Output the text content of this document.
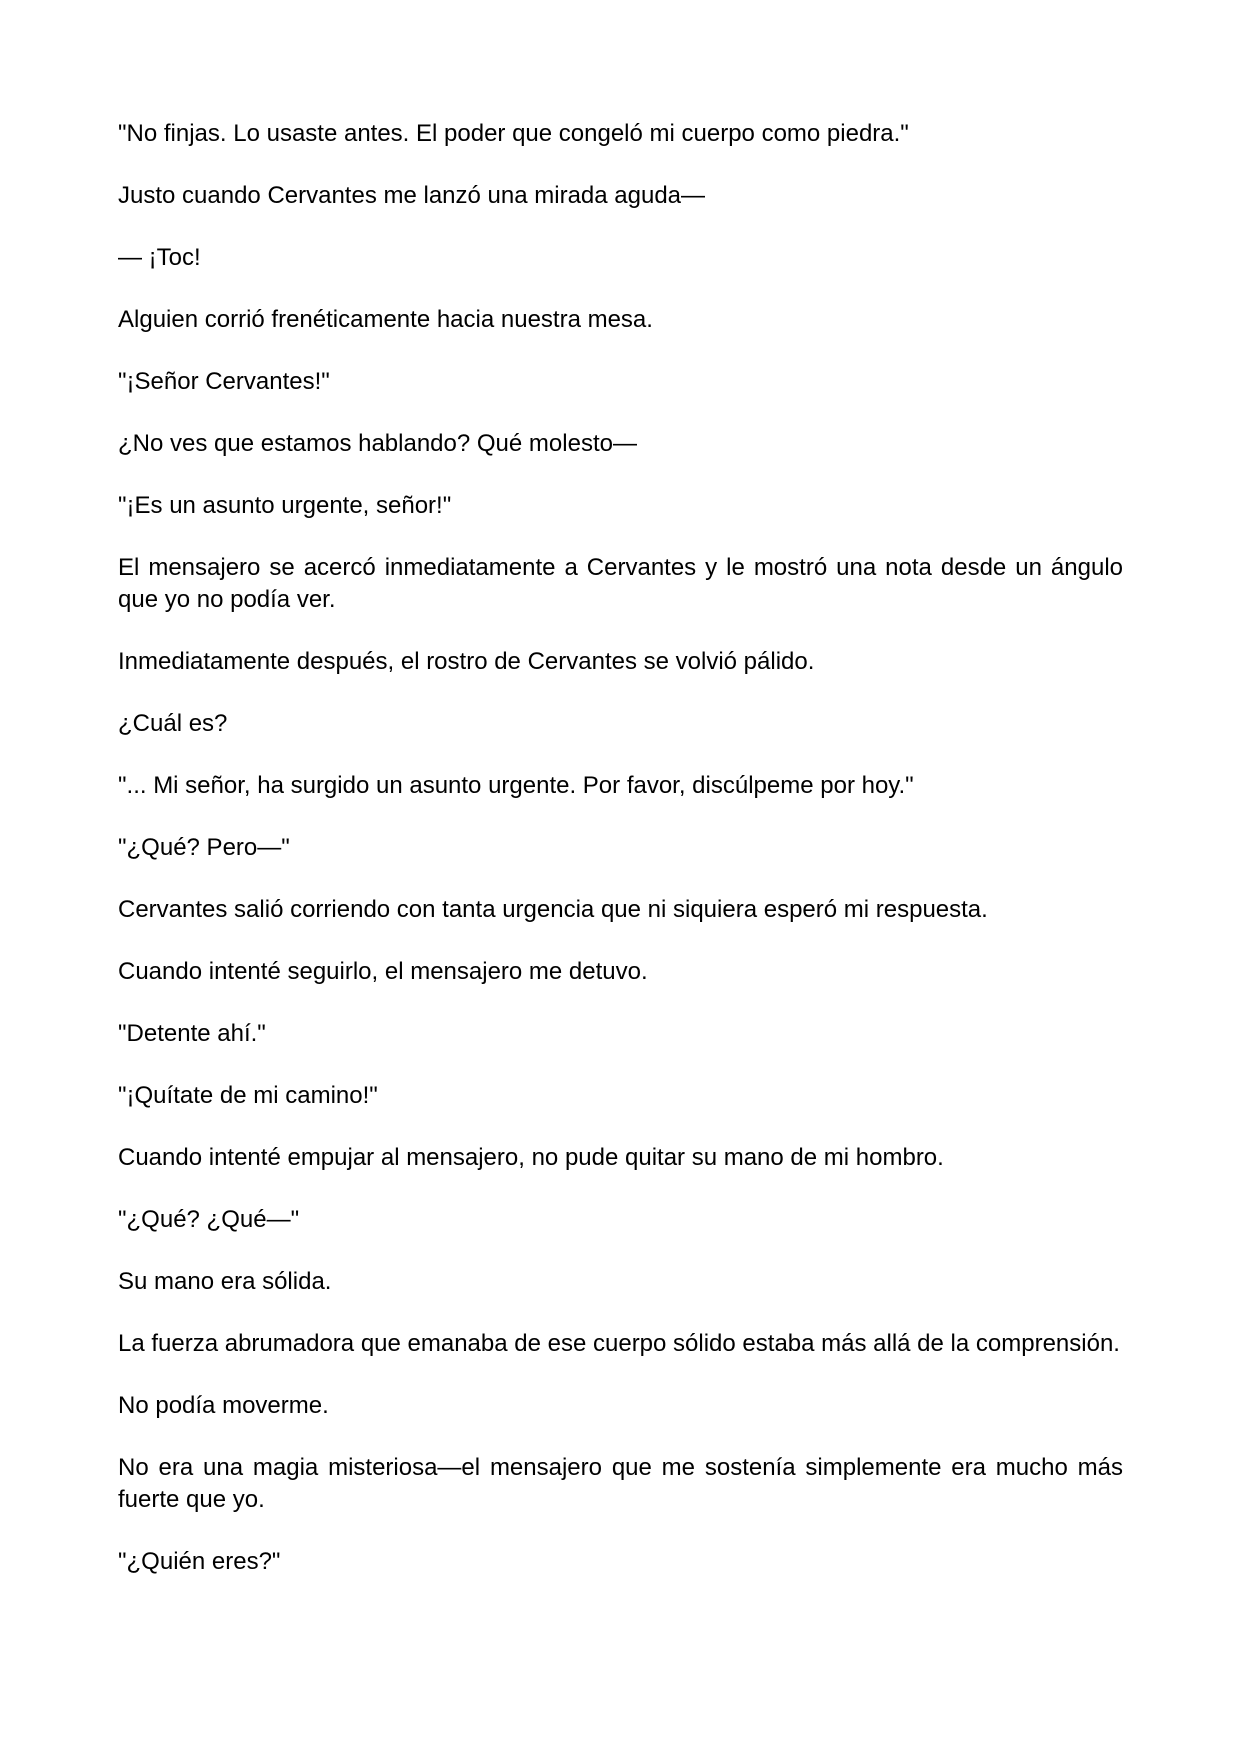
"No finjas. Lo usaste antes. El poder que congeló mi cuerpo como piedra."

Justo cuando Cervantes me lanzó una mirada aguda—

— ¡Toc!

Alguien corrió frenéticamente hacia nuestra mesa.

"¡Señor Cervantes!"

¿No ves que estamos hablando? Qué molesto—

"¡Es un asunto urgente, señor!"

El mensajero se acercó inmediatamente a Cervantes y le mostró una nota desde un ángulo que yo no podía ver.

Inmediatamente después, el rostro de Cervantes se volvió pálido.

¿Cuál es?

"... Mi señor, ha surgido un asunto urgente. Por favor, discúlpeme por hoy."

"¿Qué? Pero—"

Cervantes salió corriendo con tanta urgencia que ni siquiera esperó mi respuesta.

Cuando intenté seguirlo, el mensajero me detuvo.

"Detente ahí."

"¡Quítate de mi camino!"

Cuando intenté empujar al mensajero, no pude quitar su mano de mi hombro.

"¿Qué? ¿Qué—"

Su mano era sólida.

La fuerza abrumadora que emanaba de ese cuerpo sólido estaba más allá de la comprensión.

No podía moverme.

No era una magia misteriosa—el mensajero que me sostenía simplemente era mucho más fuerte que yo.

"¿Quién eres?"
